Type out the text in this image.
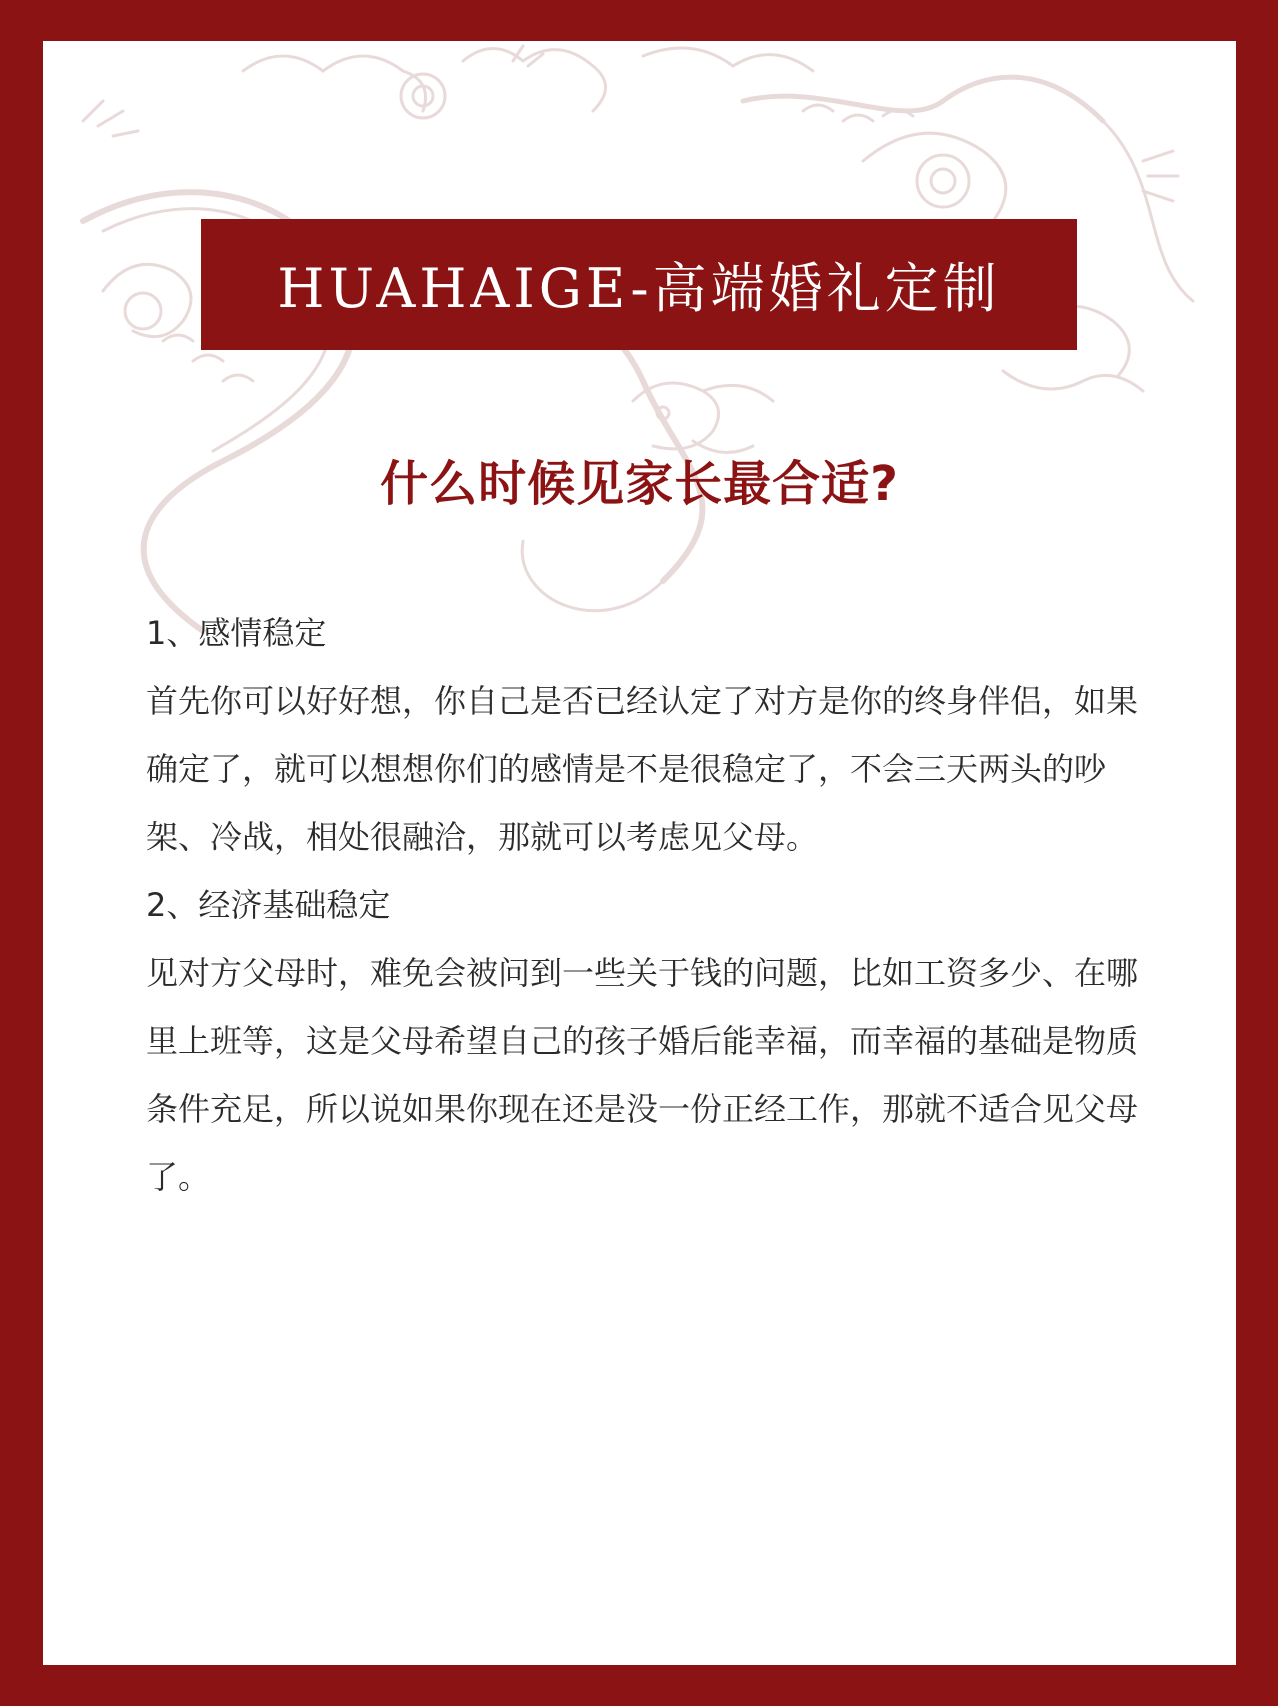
HUAHAIGE-高端婚礼定制
什么时候见家长最合适?

1、感情稳定

首先你可以好好想，你自己是否已经认定了对方是你的终身伴侣，如果确定了，就可以想想你们的感情是不是很稳定了，不会三天两头的吵架、冷战，相处很融洽，那就可以考虑见父母。

2、经济基础稳定

见对方父母时，难免会被问到一些关于钱的问题，比如工资多少、在哪里上班等，这是父母希望自己的孩子婚后能幸福，而幸福的基础是物质条件充足，所以说如果你现在还是没一份正经工作，那就不适合见父母了。
